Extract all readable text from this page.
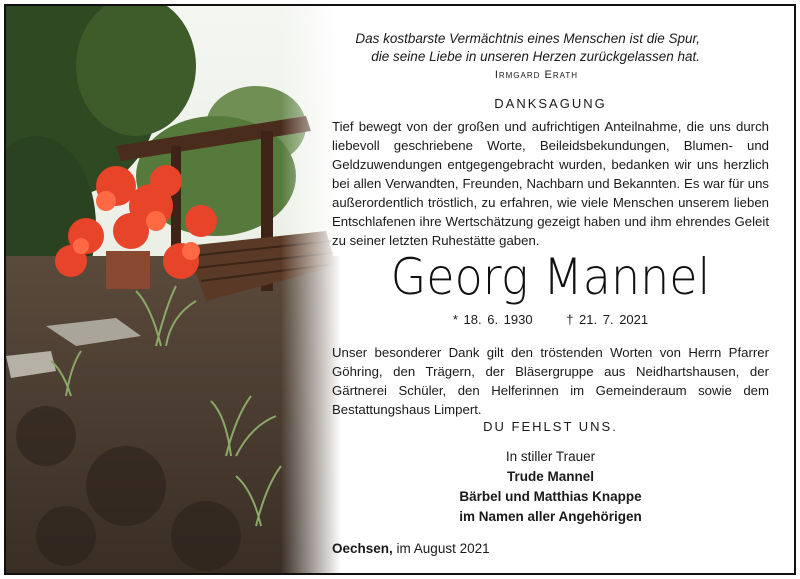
Das kostbarste Vermächtnis eines Menschen ist die Spur,
die seine Liebe in unseren Herzen zurückgelassen hat.
Irmgard Erath
DANKSAGUNG
Tief bewegt von der großen und aufrichtigen Anteilnahme, die uns durch liebevoll geschriebene Worte, Beileidsbekundungen, Blumen- und Geldzuwendungen entgegengebracht wurden, bedanken wir uns herzlich bei allen Verwandten, Freunden, Nachbarn und Bekannten. Es war für uns außerordentlich tröstlich, zu erfahren, wie viele Menschen unserem lieben Entschlafenen ihre Wertschätzung gezeigt haben und ihm ehrendes Geleit zu seiner letzten Ruhestätte gaben.
Georg Mannel
* 18. 6. 1930	† 21. 7. 2021
Unser besonderer Dank gilt den tröstenden Worten von Herrn Pfarrer Göhring, den Trägern, der Bläsergruppe aus Neidhartshausen, der Gärtnerei Schüler, den Helferinnen im Gemeinderaum sowie dem Bestattungshaus Limpert.
DU FEHLST UNS.
In stiller Trauer
Trude Mannel
Bärbel und Matthias Knappe
im Namen aller Angehörigen
Oechsen, im August 2021
